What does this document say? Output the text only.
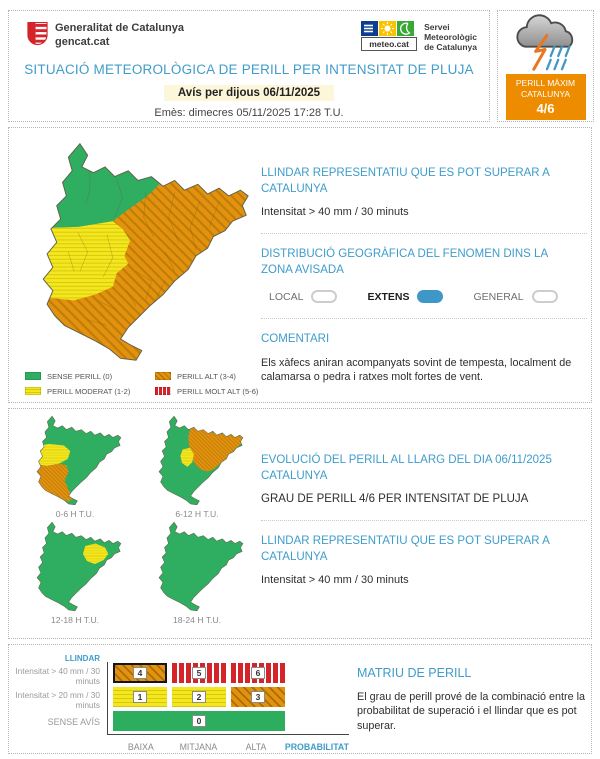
Generalitat de Catalunya
gencat.cat	meteo.cat
Servei
Meteorològic
de Catalunya
SITUACIÓ METEOROLÒGICA DE PERILL PER INTENSITAT DE PLUJA
Avís per dijous 06/11/2025
Emès: dimecres 05/11/2025 17:28 T.U.
PERILL MÀXIM
CATALUNYA
4/6
SENSE PERILL (0)
PERILL MODERAT (1-2)
PERILL ALT (3-4)
PERILL MOLT ALT (5-6)
LLINDAR REPRESENTATIU QUE ES POT SUPERAR A CATALUNYA
Intensitat > 40 mm / 30 minuts
DISTRIBUCIÓ GEOGRÀFICA DEL FENOMEN DINS LA ZONA AVISADA
LOCAL	EXTENS	GENERAL
COMENTARI
Els xàfecs aniran acompanyats sovint de tempesta, localment de calamarsa o pedra i ratxes molt fortes de vent.
0-6 H T.U.	6-12 H T.U.
12-18 H T.U.	18-24 H T.U.
EVOLUCIÓ DEL PERILL AL LLARG DEL DIA 06/11/2025 CATALUNYA
GRAU DE PERILL 4/6 PER INTENSITAT DE PLUJA
LLINDAR REPRESENTATIU QUE ES POT SUPERAR A CATALUNYA
Intensitat > 40 mm / 30 minuts
LLINDAR
Intensitat > 40 mm / 30 minuts
Intensitat > 20 mm / 30 minuts
SENSE AVÍS
4	5	6
1	2	3
0
BAIXA	MITJANA	ALTA	PROBABILITAT
MATRIU DE PERILL
El grau de perill prové de la combinació entre la probabilitat de superació i el llindar que es pot superar.
